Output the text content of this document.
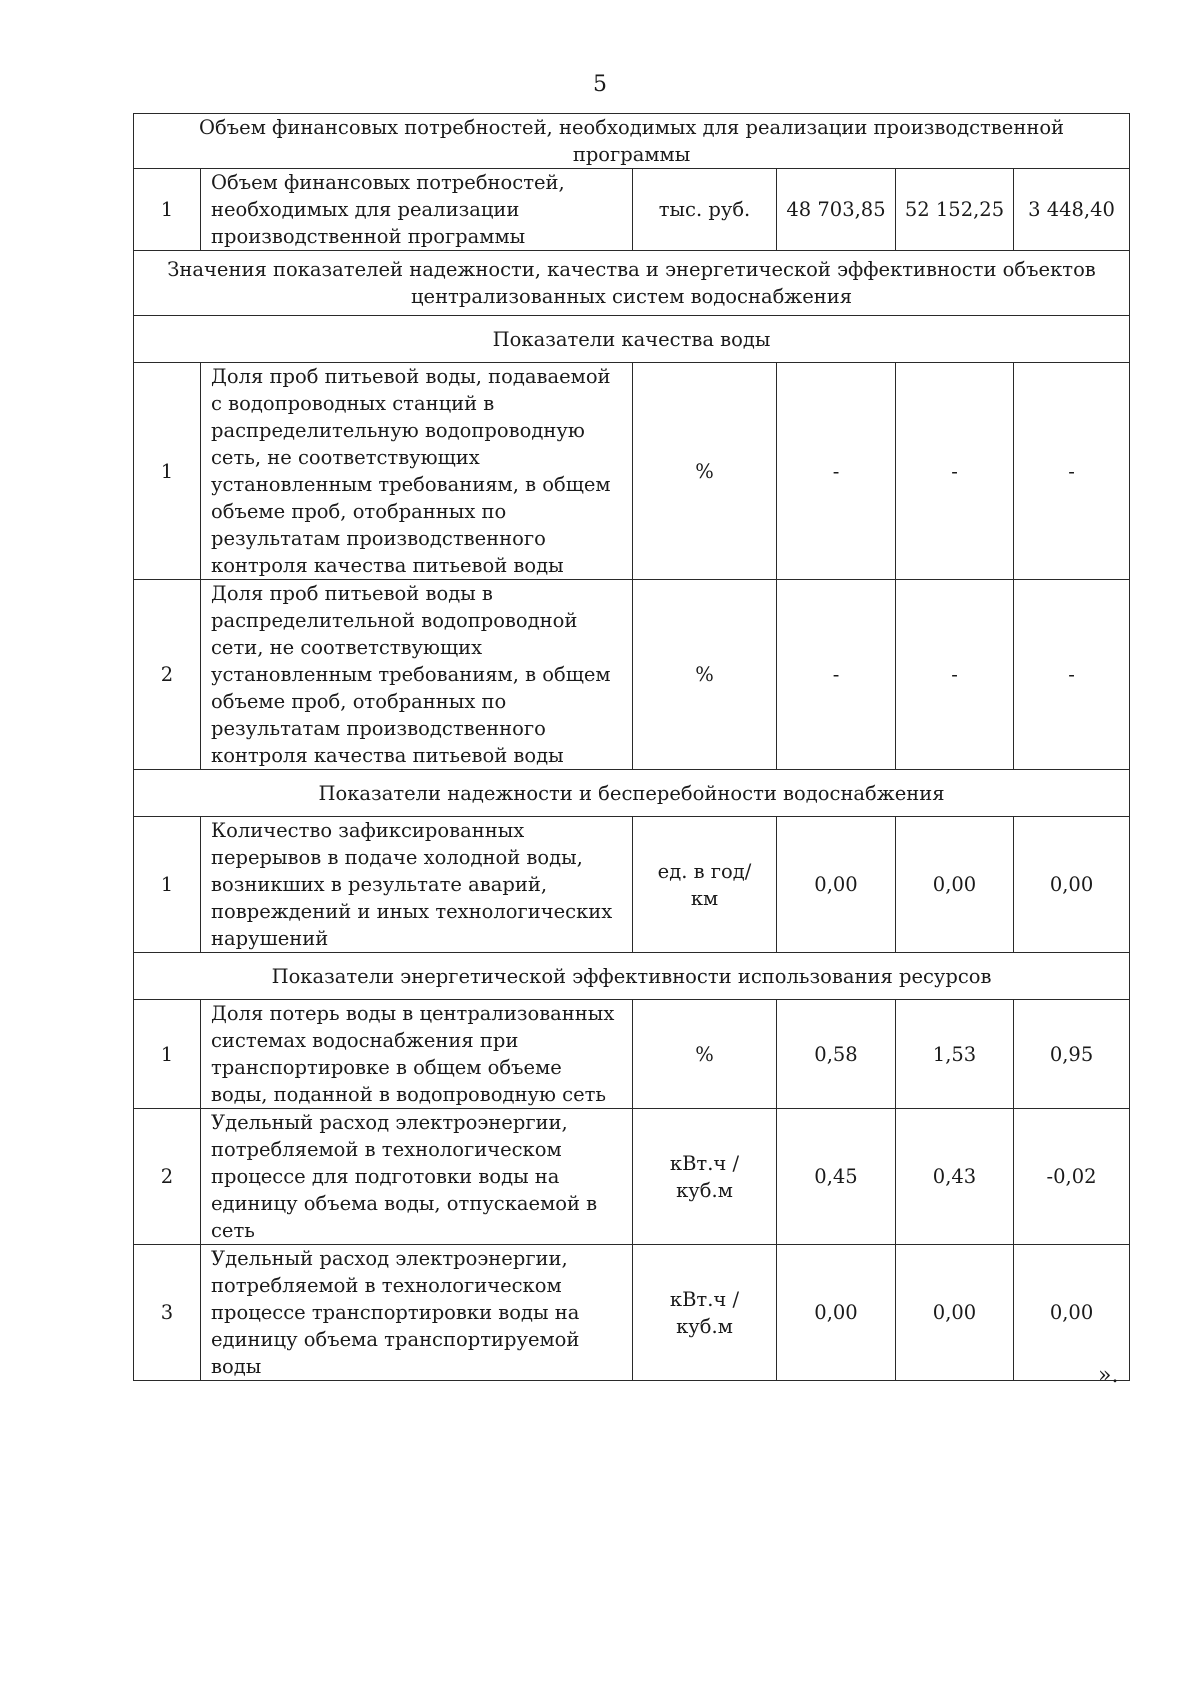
5
Объем финансовых потребностей, необходимых для реализации производственной программы					
1	Объем финансовых потребностей, необходимых для реализации производственной программы	тыс. руб.	48 703,85	52 152,25	3 448,40
Значения показателей надежности, качества и энергетической эффективности объектов централизованных систем водоснабжения					
Показатели качества воды					
1	Доля проб питьевой воды, подаваемой с водопроводных станций в распределительную водопроводную сеть, не соответствующих установленным требованиям, в общем объеме проб, отобранных по результатам производственного контроля качества питьевой воды	%	-	-	-
2	Доля проб питьевой воды в распределительной водопроводной сети, не соответствующих установленным требованиям, в общем объеме проб, отобранных по результатам производственного контроля качества питьевой воды	%	-	-	-
Показатели надежности и бесперебойности водоснабжения					
1	Количество зафиксированных перерывов в подаче холодной воды, возникших в результате аварий, повреждений и иных технологических нарушений	ед. в год/ км	0,00	0,00	0,00
Показатели энергетической эффективности использования ресурсов					
1	Доля потерь воды в централизованных системах водоснабжения при транспортировке в общем объеме воды, поданной в водопроводную сеть	%	0,58	1,53	0,95
2	Удельный расход электроэнергии, потребляемой в технологическом процессе для подготовки воды на единицу объема воды, отпускаемой в сеть	кВт.ч / куб.м	0,45	0,43	-0,02
3	Удельный расход электроэнергии, потребляемой в технологическом процессе транспортировки воды на единицу объема транспортируемой воды	кВт.ч / куб.м	0,00	0,00	0,00
».
